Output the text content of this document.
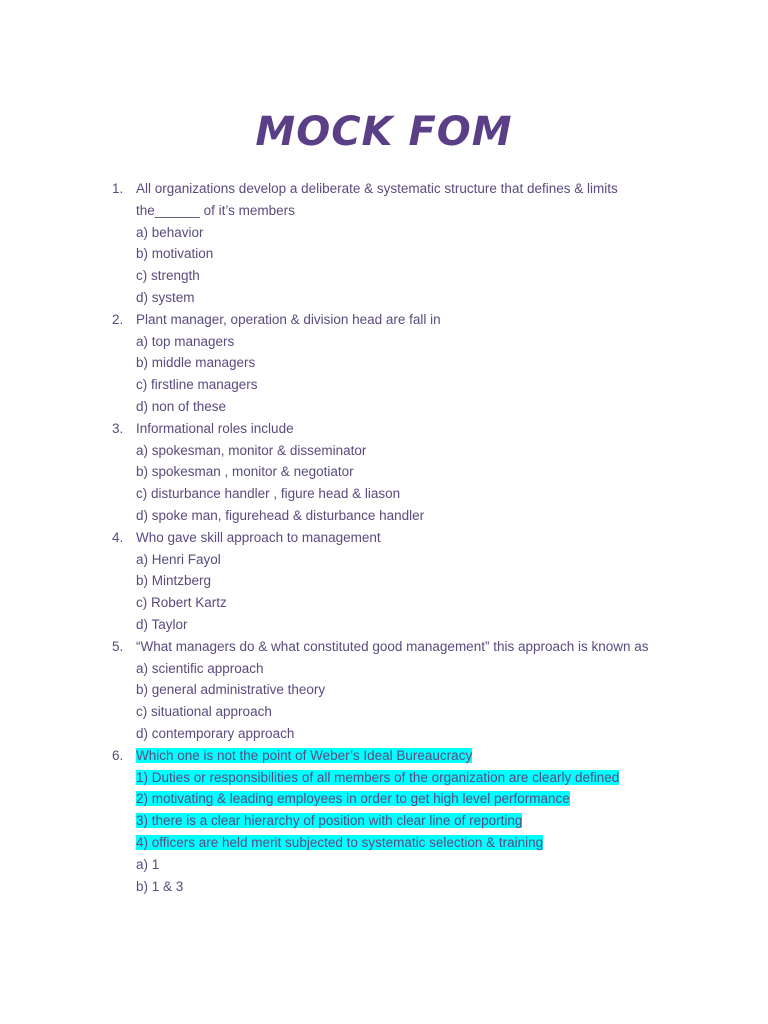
MOCK FOM
1. All organizations develop a deliberate & systematic structure that defines & limits
the______ of it’s members
a) behavior
b) motivation
c) strength
d) system
2. Plant manager, operation & division head are fall in
a) top managers
b) middle managers
c) firstline managers
d) non of these
3. Informational roles include
a) spokesman, monitor & disseminator
b) spokesman , monitor & negotiator
c) disturbance handler , figure head & liason
d) spoke man, figurehead & disturbance handler
4. Who gave skill approach to management
a) Henri Fayol
b) Mintzberg
c) Robert Kartz
d) Taylor
5. “What managers do & what constituted good management” this approach is known as
a) scientific approach
b) general administrative theory
c) situational approach
d) contemporary approach
6. Which one is not the point of Weber’s Ideal Bureaucracy
1) Duties or responsibilities of all members of the organization are clearly defined
2) motivating & leading employees in order to get high level performance
3) there is a clear hierarchy of position with clear line of reporting
4) officers are held merit subjected to systematic selection & training
a) 1
b) 1 & 3
